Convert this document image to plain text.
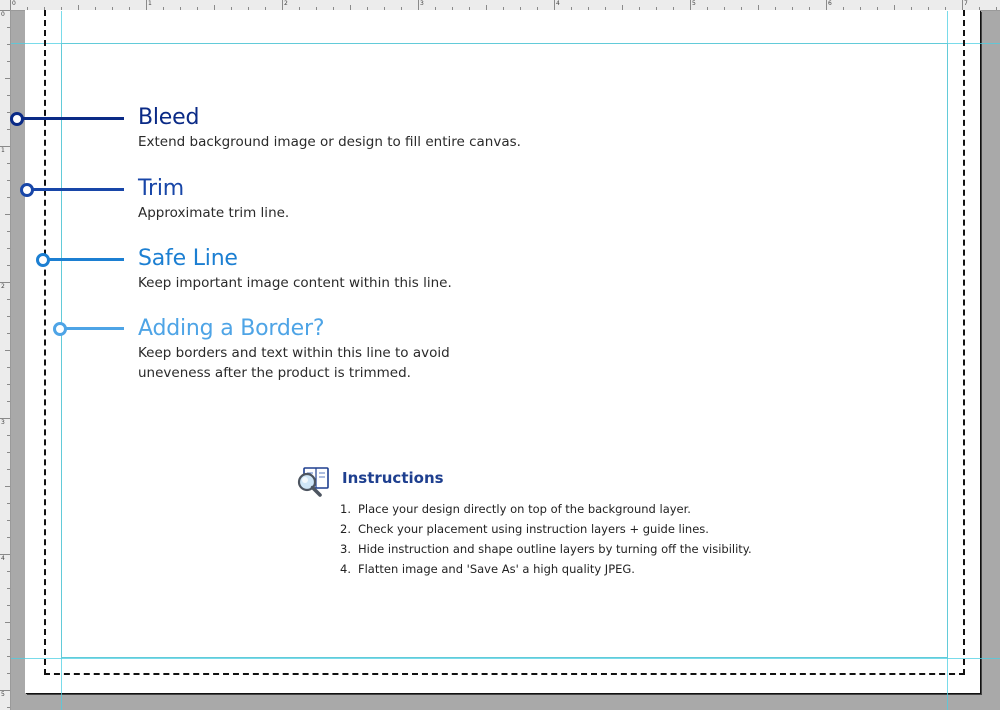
0	1	2	3	4	5	6	7
0
1
2
3
4
5
Bleed
Extend background image or design to fill entire canvas.
Trim
Approximate trim line.
Safe Line
Keep important image content within this line.
Adding a Border?
Keep borders and text within this line to avoid
uneveness after the product is trimmed.
Instructions
1. Place your design directly on top of the background layer.
2. Check your placement using instruction layers + guide lines.
3. Hide instruction and shape outline layers by turning off the visibility.
4. Flatten image and 'Save As' a high quality JPEG.
